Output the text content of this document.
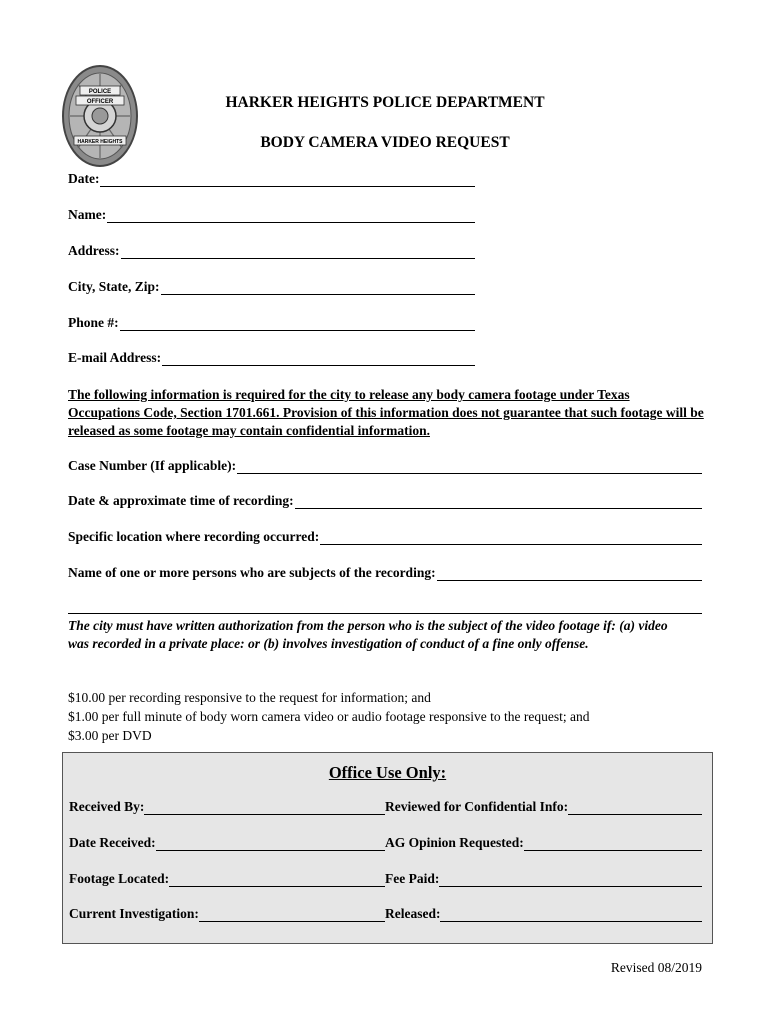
POLICE
OFFICER
HARKER HEIGHTS
HARKER HEIGHTS POLICE DEPARTMENT
BODY CAMERA VIDEO REQUEST
Date:
Name:
Address:
City, State, Zip:
Phone #:
E-mail Address:
The following information is required for the city to release any body camera footage under Texas Occupations Code, Section 1701.661. Provision of this information does not guarantee that such footage will be released as some footage may contain confidential information.
Case Number (If applicable):
Date & approximate time of recording:
Specific location where recording occurred:
Name of one or more persons who are subjects of the recording:
The city must have written authorization from the person who is the subject of the video footage if: (a) video was recorded in a private place: or (b) involves investigation of conduct of a fine only offense.
$10.00 per recording responsive to the request for information; and
$1.00 per full minute of body worn camera video or audio footage responsive to the request; and
$3.00 per DVD
Office Use Only:
Received By:	Reviewed for Confidential Info:
Date Received:	AG Opinion Requested:
Footage Located:	Fee Paid:
Current Investigation:	Released:
Revised 08/2019
